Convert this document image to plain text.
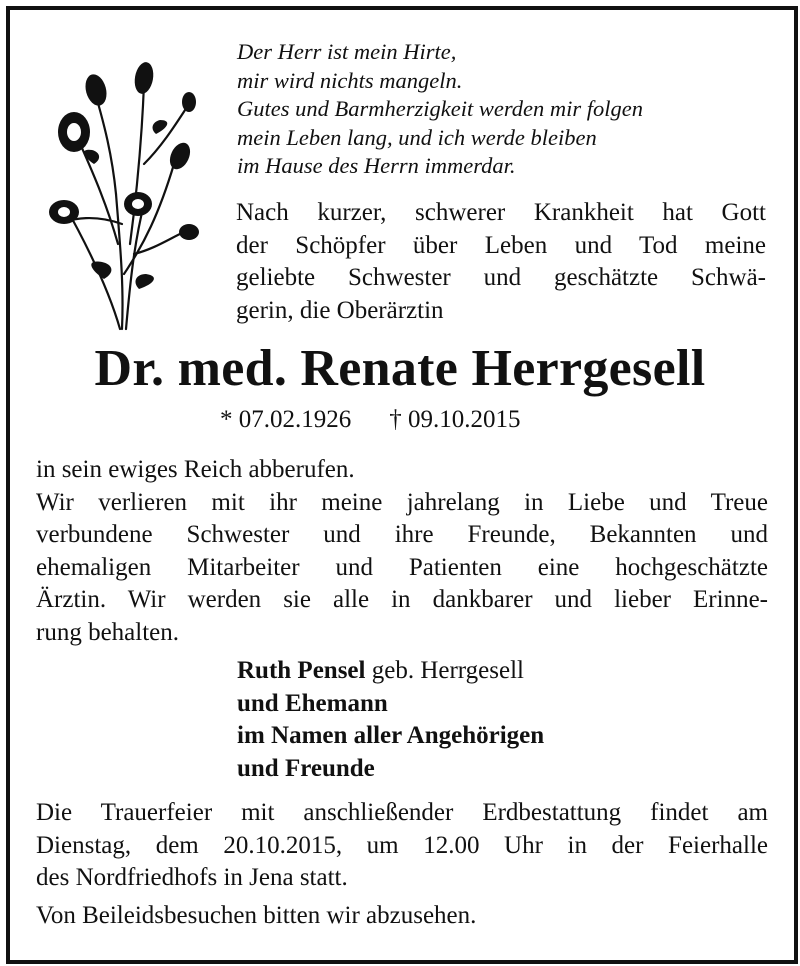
Der Herr ist mein Hirte,
mir wird nichts mangeln.
Gutes und Barmherzigkeit werden mir folgen
mein Leben lang, und ich werde bleiben
im Hause des Herrn immerdar.
Nach kurzer, schwerer Krankheit hat Gott
der Schöpfer über Leben und Tod meine
geliebte Schwester und geschätzte Schwä-
gerin, die Oberärztin
Dr. med. Renate Herrgesell
* 07.02.1926 † 09.10.2015
in sein ewiges Reich abberufen.
Wir verlieren mit ihr meine jahrelang in Liebe und Treue
verbundene Schwester und ihre Freunde, Bekannten und
ehemaligen Mitarbeiter und Patienten eine hochgeschätzte
Ärztin. Wir werden sie alle in dankbarer und lieber Erinne-
rung behalten.
Ruth Pensel geb. Herrgesell
und Ehemann
im Namen aller Angehörigen
und Freunde
Die Trauerfeier mit anschließender Erdbestattung findet am
Dienstag, dem 20.10.2015, um 12.00 Uhr in der Feierhalle
des Nordfriedhofs in Jena statt.
Von Beileidsbesuchen bitten wir abzusehen.
